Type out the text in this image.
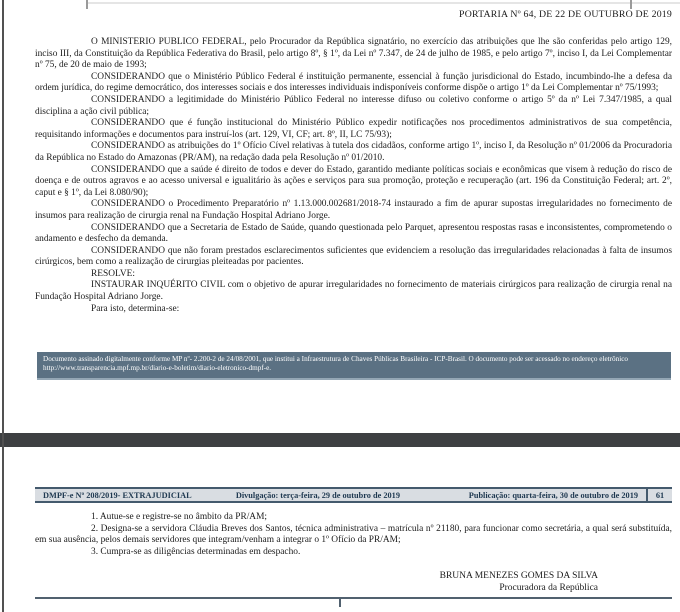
PORTARIA Nº 64, DE 22 DE OUTUBRO DE 2019

O MINISTÉRIO PÚBLICO FEDERAL, pelo Procurador da República signatário, no exercício das atribuições que lhe são conferidas pelo artigo 129, inciso III, da Constituição da República Federativa do Brasil, pelo artigo 8º, § 1º, da Lei nº 7.347, de 24 de julho de 1985, e pelo artigo 7º, inciso I, da Lei Complementar nº 75, de 20 de maio de 1993;

CONSIDERANDO que o Ministério Público Federal é instituição permanente, essencial à função jurisdicional do Estado, incumbindo-lhe a defesa da ordem jurídica, do regime democrático, dos interesses sociais e dos interesses individuais indisponíveis conforme dispõe o artigo 1º da Lei Complementar nº 75/1993;

CONSIDERANDO a legitimidade do Ministério Público Federal no interesse difuso ou coletivo conforme o artigo 5º da nº Lei 7.347/1985, a qual disciplina a ação civil pública;

CONSIDERANDO que é função institucional do Ministério Público expedir notificações nos procedimentos administrativos de sua competência, requisitando informações e documentos para instruí-los (art. 129, VI, CF; art. 8º, II, LC 75/93);

CONSIDERANDO as atribuições do 1º Ofício Cível relativas à tutela dos cidadãos, conforme artigo 1º, inciso I, da Resolução nº 01/2006 da Procuradoria da República no Estado do Amazonas (PR/AM), na redação dada pela Resolução nº 01/2010.

CONSIDERANDO que a saúde é direito de todos e dever do Estado, garantido mediante políticas sociais e econômicas que visem à redução do risco de doença e de outros agravos e ao acesso universal e igualitário às ações e serviços para sua promoção, proteção e recuperação (art. 196 da Constituição Federal; art. 2º, caput e § 1º, da Lei 8.080/90);

CONSIDERANDO o Procedimento Preparatório nº 1.13.000.002681/2018-74 instaurado a fim de apurar supostas irregularidades no fornecimento de insumos para realização de cirurgia renal na Fundação Hospital Adriano Jorge.

CONSIDERANDO que a Secretaria de Estado de Saúde, quando questionada pelo Parquet, apresentou respostas rasas e inconsistentes, comprometendo o andamento e desfecho da demanda.

CONSIDERANDO que não foram prestados esclarecimentos suficientes que evidenciem a resolução das irregularidades relacionadas à falta de insumos cirúrgicos, bem como a realização de cirurgias pleiteadas por pacientes.

RESOLVE:

INSTAURAR INQUÉRITO CIVIL com o objetivo de apurar irregularidades no fornecimento de materiais cirúrgicos para realização de cirurgia renal na Fundação Hospital Adriano Jorge.

Para isto, determina-se:

Documento assinado digitalmente conforme MP nº- 2.200-2 de 24/08/2001, que institui a Infraestrutura de Chaves Públicas Brasileira - ICP-Brasil. O documento pode ser acessado no endereço eletrônico http://www.transparencia.mpf.mp.br/diario-e-boletim/diario-eletronico-dmpf-e.
DMPF-e Nº 208/2019- EXTRAJUDICIAL	Divulgação: terça-feira, 29 de outubro de 2019	Publicação: quarta-feira, 30 de outubro de 2019	61

1. Autue-se e registre-se no âmbito da PR/AM;

2. Designa-se a servidora Cláudia Breves dos Santos, técnica administrativa – matrícula nº 21180, para funcionar como secretária, a qual será substituída, em sua ausência, pelos demais servidores que integram/venham a integrar o 1º Ofício da PR/AM;

3. Cumpra-se as diligências determinadas em despacho.

BRUNA MENEZES GOMES DA SILVA
Procuradora da República
